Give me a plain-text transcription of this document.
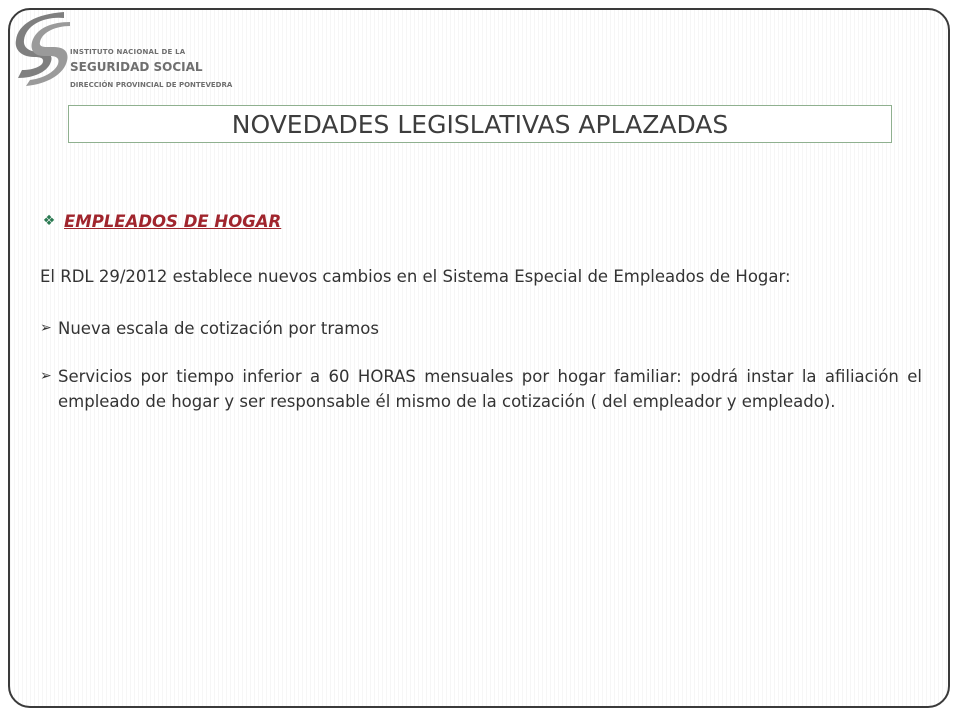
INSTITUTO NACIONAL DE LA
SEGURIDAD SOCIAL
DIRECCIÓN PROVINCIAL DE PONTEVEDRA
NOVEDADES LEGISLATIVAS APLAZADAS
❖ EMPLEADOS DE HOGAR
El RDL 29/2012 establece nuevos cambios en el Sistema Especial de Empleados de Hogar:
➢ Nueva escala de cotización por tramos
➢ Servicios por tiempo inferior a 60 HORAS mensuales por hogar familiar: podrá instar la afiliación el empleado de hogar y ser responsable él mismo de la cotización ( del empleador y empleado).
